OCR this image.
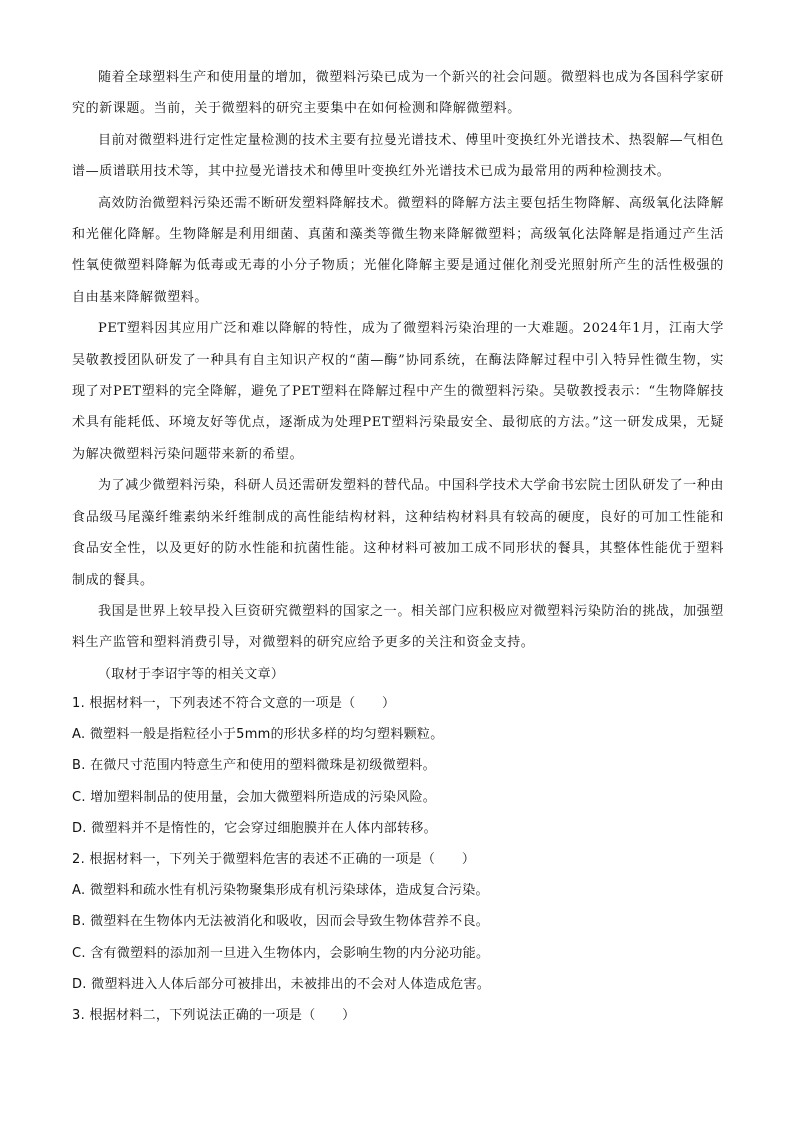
随着全球塑料生产和使用量的增加，微塑料污染已成为一个新兴的社会问题。微塑料也成为各国科学家研究的新课题。当前，关于微塑料的研究主要集中在如何检测和降解微塑料。

目前对微塑料进行定性定量检测的技术主要有拉曼光谱技术、傅里叶变换红外光谱技术、热裂解—气相色谱—质谱联用技术等，其中拉曼光谱技术和傅里叶变换红外光谱技术已成为最常用的两种检测技术。

高效防治微塑料污染还需不断研发塑料降解技术。微塑料的降解方法主要包括生物降解、高级氧化法降解和光催化降解。生物降解是利用细菌、真菌和藻类等微生物来降解微塑料；高级氧化法降解是指通过产生活性氧使微塑料降解为低毒或无毒的小分子物质；光催化降解主要是通过催化剂受光照射所产生的活性极强的自由基来降解微塑料。

PET塑料因其应用广泛和难以降解的特性，成为了微塑料污染治理的一大难题。2024年1月，江南大学吴敬教授团队研发了一种具有自主知识产权的“菌—酶”协同系统，在酶法降解过程中引入特异性微生物，实现了对PET塑料的完全降解，避免了PET塑料在降解过程中产生的微塑料污染。吴敬教授表示：“生物降解技术具有能耗低、环境友好等优点，逐渐成为处理PET塑料污染最安全、最彻底的方法。”这一研发成果，无疑为解决微塑料污染问题带来新的希望。

为了减少微塑料污染，科研人员还需研发塑料的替代品。中国科学技术大学俞书宏院士团队研发了一种由食品级马尾藻纤维素纳米纤维制成的高性能结构材料，这种结构材料具有较高的硬度，良好的可加工性能和食品安全性，以及更好的防水性能和抗菌性能。这种材料可被加工成不同形状的餐具，其整体性能优于塑料制成的餐具。

我国是世界上较早投入巨资研究微塑料的国家之一。相关部门应积极应对微塑料污染防治的挑战，加强塑料生产监管和塑料消费引导，对微塑料的研究应给予更多的关注和资金支持。

（取材于李诏宇等的相关文章）

1. 根据材料一，下列表述不符合文意的一项是（　　）

A. 微塑料一般是指粒径小于5mm的形状多样的均匀塑料颗粒。

B. 在微尺寸范围内特意生产和使用的塑料微珠是初级微塑料。

C. 增加塑料制品的使用量，会加大微塑料所造成的污染风险。

D. 微塑料并不是惰性的，它会穿过细胞膜并在人体内部转移。

2. 根据材料一，下列关于微塑料危害的表述不正确的一项是（　　）

A. 微塑料和疏水性有机污染物聚集形成有机污染球体，造成复合污染。

B. 微塑料在生物体内无法被消化和吸收，因而会导致生物体营养不良。

C. 含有微塑料的添加剂一旦进入生物体内，会影响生物的内分泌功能。

D. 微塑料进入人体后部分可被排出，未被排出的不会对人体造成危害。

3. 根据材料二，下列说法正确的一项是（　　）
